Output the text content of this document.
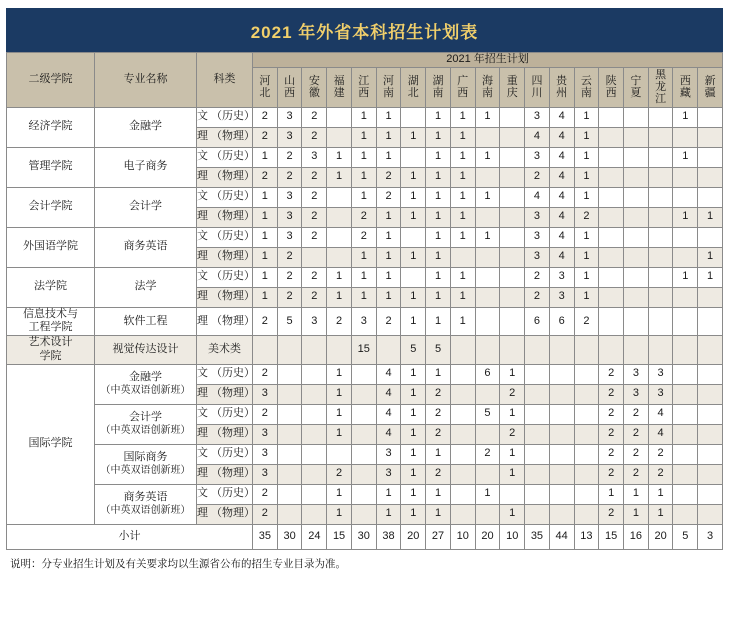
2021 年外省本科招生计划表
二级学院	专业名称	科类	2021 年招生计划																		

			河北	山西	安徽	福建	江西	河南	湖北	湖南	广西	海南	重庆	四川	贵州	云南	陕西	宁夏	黑龙江	西藏	新疆

经济学院	金融学	文 （历史）	2	3	2		1	1		1	1	1		3	4	1				1	
		理 （物理）	2	3	2		1	1	1	1	1			4	4	1					

管理学院	电子商务	文 （历史）	1	2	3	1	1	1		1	1	1		3	4	1				1	
		理 （物理）	2	2	2	1	1	2	1	1	1			2	4	1					

会计学院	会计学	文 （历史）	1	3	2		1	2	1	1	1	1		4	4	1					
		理 （物理）	1	3	2		2	1	1	1	1			3	4	2				1	1

外国语学院	商务英语	文 （历史）	1	3	2		2	1		1	1	1		3	4	1					
		理 （物理）	1	2			1	1	1	1				3	4	1					1

法学院	法学	文 （历史）	1	2	2	1	1	1		1	1			2	3	1				1	1
		理 （物理）	1	2	2	1	1	1	1	1	1			2	3	1					

信息技术与
工程学院	软件工程	理 （物理）	2	5	3	2	3	2	1	1	1			6	6	2					

艺术设计
学院	视觉传达设计	美术类					15		5	5											

国际学院	金融学
（中英双语创新班）	文 （历史）	2			1		4	1	1		6	1				2	3	3		
		理 （物理）	3			1		4	1	2			2				2	3	3		

	会计学
（中英双语创新班）	文 （历史）	2			1		4	1	2		5	1				2	2	4		
		理 （物理）	3			1		4	1	2			2				2	2	4		

	国际商务
（中英双语创新班）	文 （历史）	3					3	1	1		2	1				2	2	2		
		理 （物理）	3			2		3	1	2			1				2	2	2		

	商务英语
（中英双语创新班）	文 （历史）	2			1		1	1	1		1					1	1	1		
		理 （物理）	2			1		1	1	1			1				2	1	1		
小计			35	30	24	15	30	38	20	27	10	20	10	35	44	13	15	16	20	5	3
说明：分专业招生计划及有关要求均以生源省公布的招生专业目录为准。
